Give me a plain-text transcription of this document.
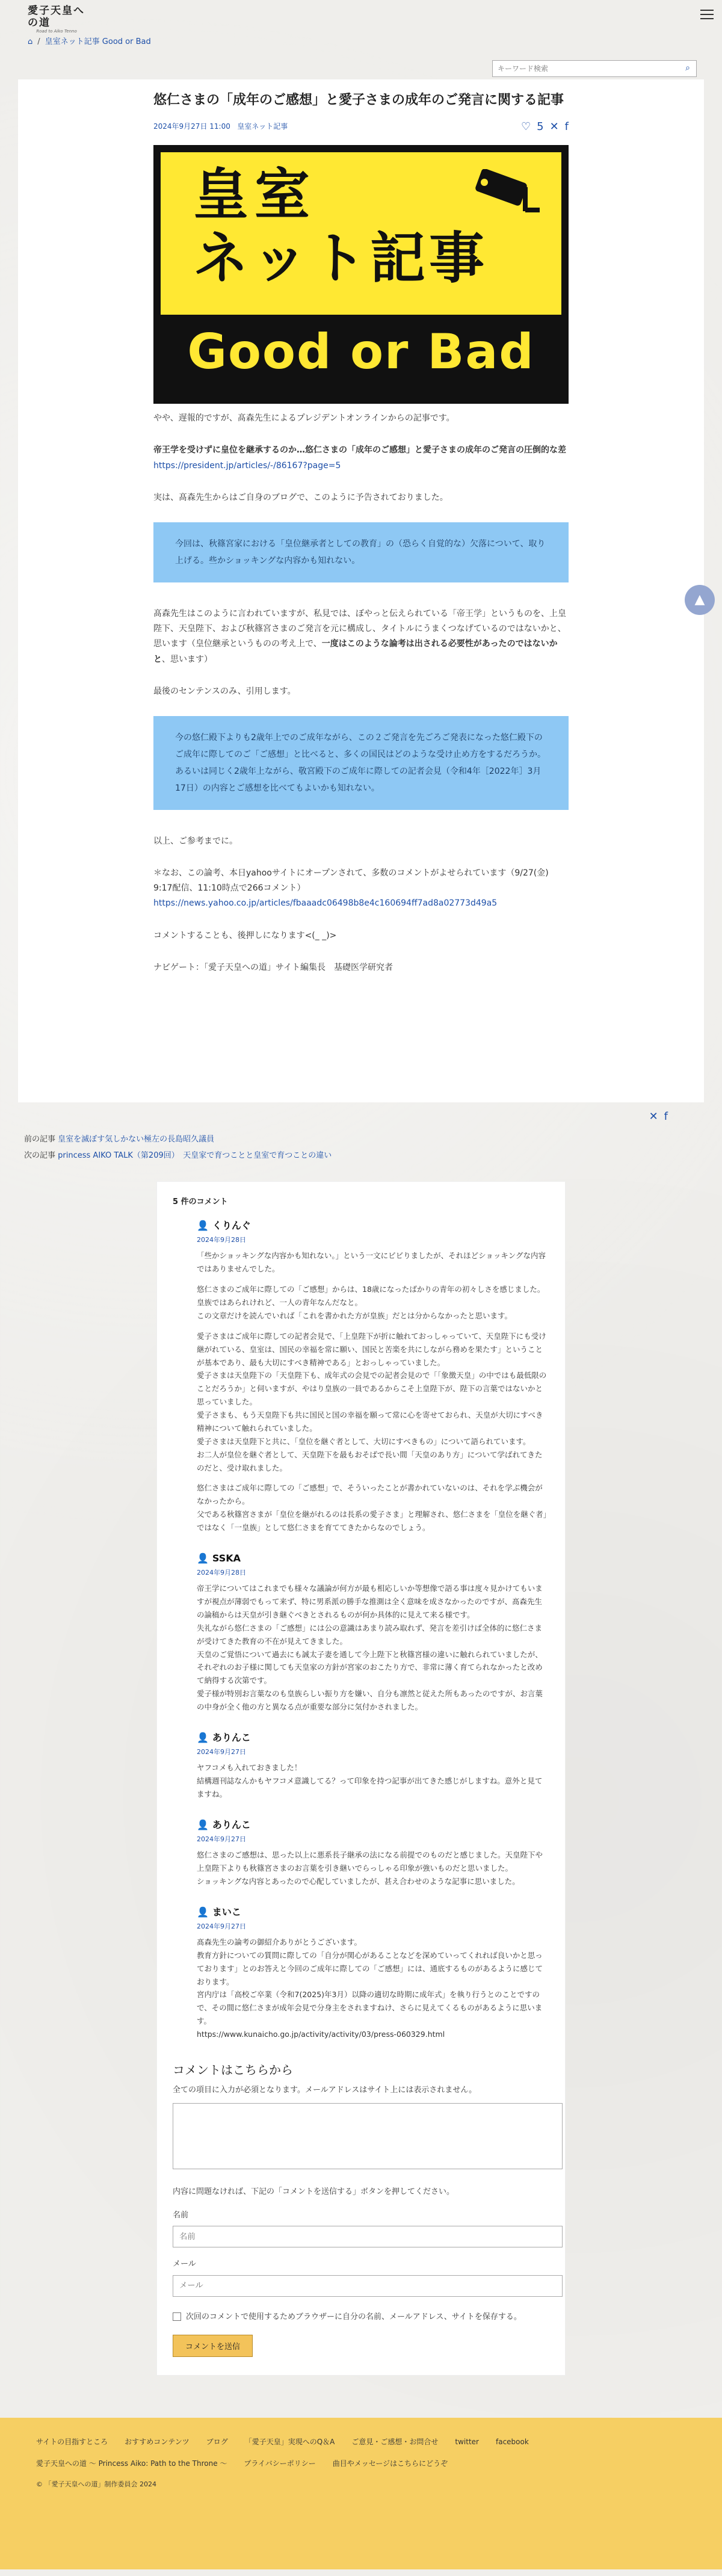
愛子天皇への道
Road to Aiko Tenno
⌂ / 皇室ネット記事 Good or Bad
キーワード検索
⌕
▲
悠仁さまの「成年のご感想」と愛子さまの成年のご発言に関する記事
2024年9月27日 11:00 皇室ネット記事	♡ 5 ✕ f
皇室
ネット記事
Good or Bad

やや、遅報的ですが、髙森先生によるプレジデントオンラインからの記事です。

帝王学を受けずに皇位を継承するのか…悠仁さまの「成年のご感想」と愛子さまの成年のご発言の圧倒的な差

https://president.jp/articles/-/86167?page=5

実は、髙森先生からはご自身のブログで、このように予告されておりました。

今回は、秋篠宮家における「皇位継承者としての教育」の（恐らく自覚的な）欠落について、取り上げる。些かショッキングな内容かも知れない。

髙森先生はこのように言われていますが、私見では、ぼやっと伝えられている「帝王学」というものを、上皇陛下、天皇陛下、および秋篠宮さまのご発言を元に構成し、タイトルにうまくつなげているのではないかと、思います（皇位継承というものの考え上で、一度はこのような論考は出される必要性があったのではないかと、思います）

最後のセンテンスのみ、引用します。

今の悠仁殿下よりも2歳年上でのご成年ながら、この２ご発言を先ごろご発表になった悠仁殿下のご成年に際してのご「ご感想」と比べると、多くの国民はどのような受け止め方をするだろうか。あるいは同じく2歳年上ながら、敬宮殿下のご成年に際しての記者会見（令和4年［2022年］3月17日）の内容とご感想を比べてもよいかも知れない。

以上、ご参考までに。

＊なお、この論考、本日yahooサイトにオープンされて、多数のコメントがよせられています（9/27(金) 9:17配信、11:10時点で266コメント）

https://news.yahoo.co.jp/articles/fbaaadc06498b8e4c160694ff7ad8a02773d49a5

コメントすることも、後押しになります<(_ _)>

ナビゲート：「愛子天皇への道」サイト編集長　基礎医学研究者

✕ f
前の記事 皇室を滅ぼす気しかない極左の長島昭久議員
次の記事 princess AIKO TALK（第209回）　天皇家で育つことと皇室で育つことの違い
5 件のコメント
👤 くりんぐ
2024年9月28日

「些かショッキングな内容かも知れない。」という一文にビビりましたが、それほどショッキングな内容ではありませんでした。

悠仁さまのご成年に際しての「ご感想」からは、18歳になったばかりの青年の初々しさを感じました。
皇族ではあられけれど、一人の青年なんだなと。
この文章だけを読んでいれば「これを書かれた方が皇族」だとは分からなかったと思います。

愛子さまはご成年に際しての記者会見で、「上皇陛下が折に触れておっしゃっていて、天皇陛下にも受け継がれている、皇室は、国民の幸福を常に願い、国民と苦楽を共にしながら務めを果たす」ということが基本であり、最も大切にすべき精神である」とおっしゃっていました。
愛子さまは天皇陛下の「天皇陛下も、成年式の会見での記者会見ので「「象徴天皇」の中ではも最低限のことだろうか」と伺いますが、やはり皇族の一員であるからこそ上皇陛下が、陛下の言葉ではないかと思っていました。
愛子さまも、もう天皇陛下も共に国民と国の幸福を願って常に心を寄せておられ、天皇が大切にすべき精神について触れられていました。
愛子さまは天皇陛下と共に、「皇位を継ぐ者として、大切にすべきもの」について語られています。
お二人が皇位を継ぐ者として、天皇陛下を最もおそばで長い間「天皇のあり方」について学ばれてきたのだと、受け取れました。

悠仁さまはご成年に際しての「ご感想」で、そういったことが書かれていないのは、それを学ぶ機会がなかったから。
父である秋篠宮さまが「皇位を継がれるのは長系の愛子さま」と理解され、悠仁さまを「皇位を継ぐ者」ではなく「一皇族」として悠仁さまを育ててきたからなのでしょう。

👤 SSKA
2024年9月28日

帝王学についてはこれまでも様々な議論が何方が最も相応しいか等想像で語る事は度々見かけてもいますが視点が薄弱でもって来ず、特に男系派の勝手な推測は全く意味を成さなかったのですが、髙森先生の論稿からは天皇が引き継ぐべきとされるものが何か具体的に見えて来る様です。
失礼ながら悠仁さまの「ご感想」には公の意識はあまり読み取れず、発言を差引けば全体的に悠仁さまが受けてきた教育の不在が見えてきました。
天皇のご覚悟について過去にも誠太子妻を通して今上陛下と秋篠宮様の違いに触れられていましたが、それぞれのお子様に関しても天皇家の方針が宮家のおこたり方で、非常に薄く育てられなかったと改めて納得する次第です。
愛子様が特別お言葉なのも皇族らしい振り方を嫌い、自分も凛然と従えた所もあったのですが、お言葉の中身が全く他の方と異なる点が重要な部分に気付かされました。

👤 ありんこ
2024年9月27日

ヤフコメも入れておきました！
結構週刊誌なんかもヤフコメ意識してる？って印象を持つ記事が出てきた感じがしますね。意外と見てますね。

👤 ありんこ
2024年9月27日

悠仁さまのご感想は、思った以上に悪系長子継承の法になる前提でのものだと感じました。天皇陛下や上皇陛下よりも秋篠宮さまのお言葉を引き継いでらっしゃる印象が強いものだと思いました。
ショッキングな内容とあったので心配していましたが、甚え合わせのような記事に思いました。

👤 まいこ
2024年9月27日

髙森先生の論考の御紹介ありがとうございます。
教育方針についての質問に際しての「自分が関心があることなどを深めていってくれれば良いかと思っております」とのお答えと今回のご成年に際しての「ご感想」には、通底するものがあるように感じております。
宮内庁は「高校ご卒業（令和7(2025)年3月）以降の適切な時期に成年式」を執り行うとのことですので、その間に悠仁さまが成年会見で分身主をされますねけ、さらに見えてくるものがあるように思います。
https://www.kunaicho.go.jp/activity/activity/03/press-060329.html

コメントはこちらから
全ての項目に入力が必須となります。メールアドレスはサイト上には表示されません。
内容に問題なければ、下記の「コメントを送信する」ボタンを押してください。
名前
名前
メール
メール
次回のコメントで使用するためブラウザーに自分の名前、メールアドレス、サイトを保存する。
コメントを送信
サイトの目指すところ おすすめコンテンツ ブログ 「愛子天皇」実現へのQ＆A ご意見・ご感想・お問合せ twitter facebook
愛子天皇への道 〜 Princess Aiko: Path to the Throne 〜 プライバシーポリシー 曲目やメッセージはこちらにどうぞ
© 「愛子天皇への道」制作委員会 2024
